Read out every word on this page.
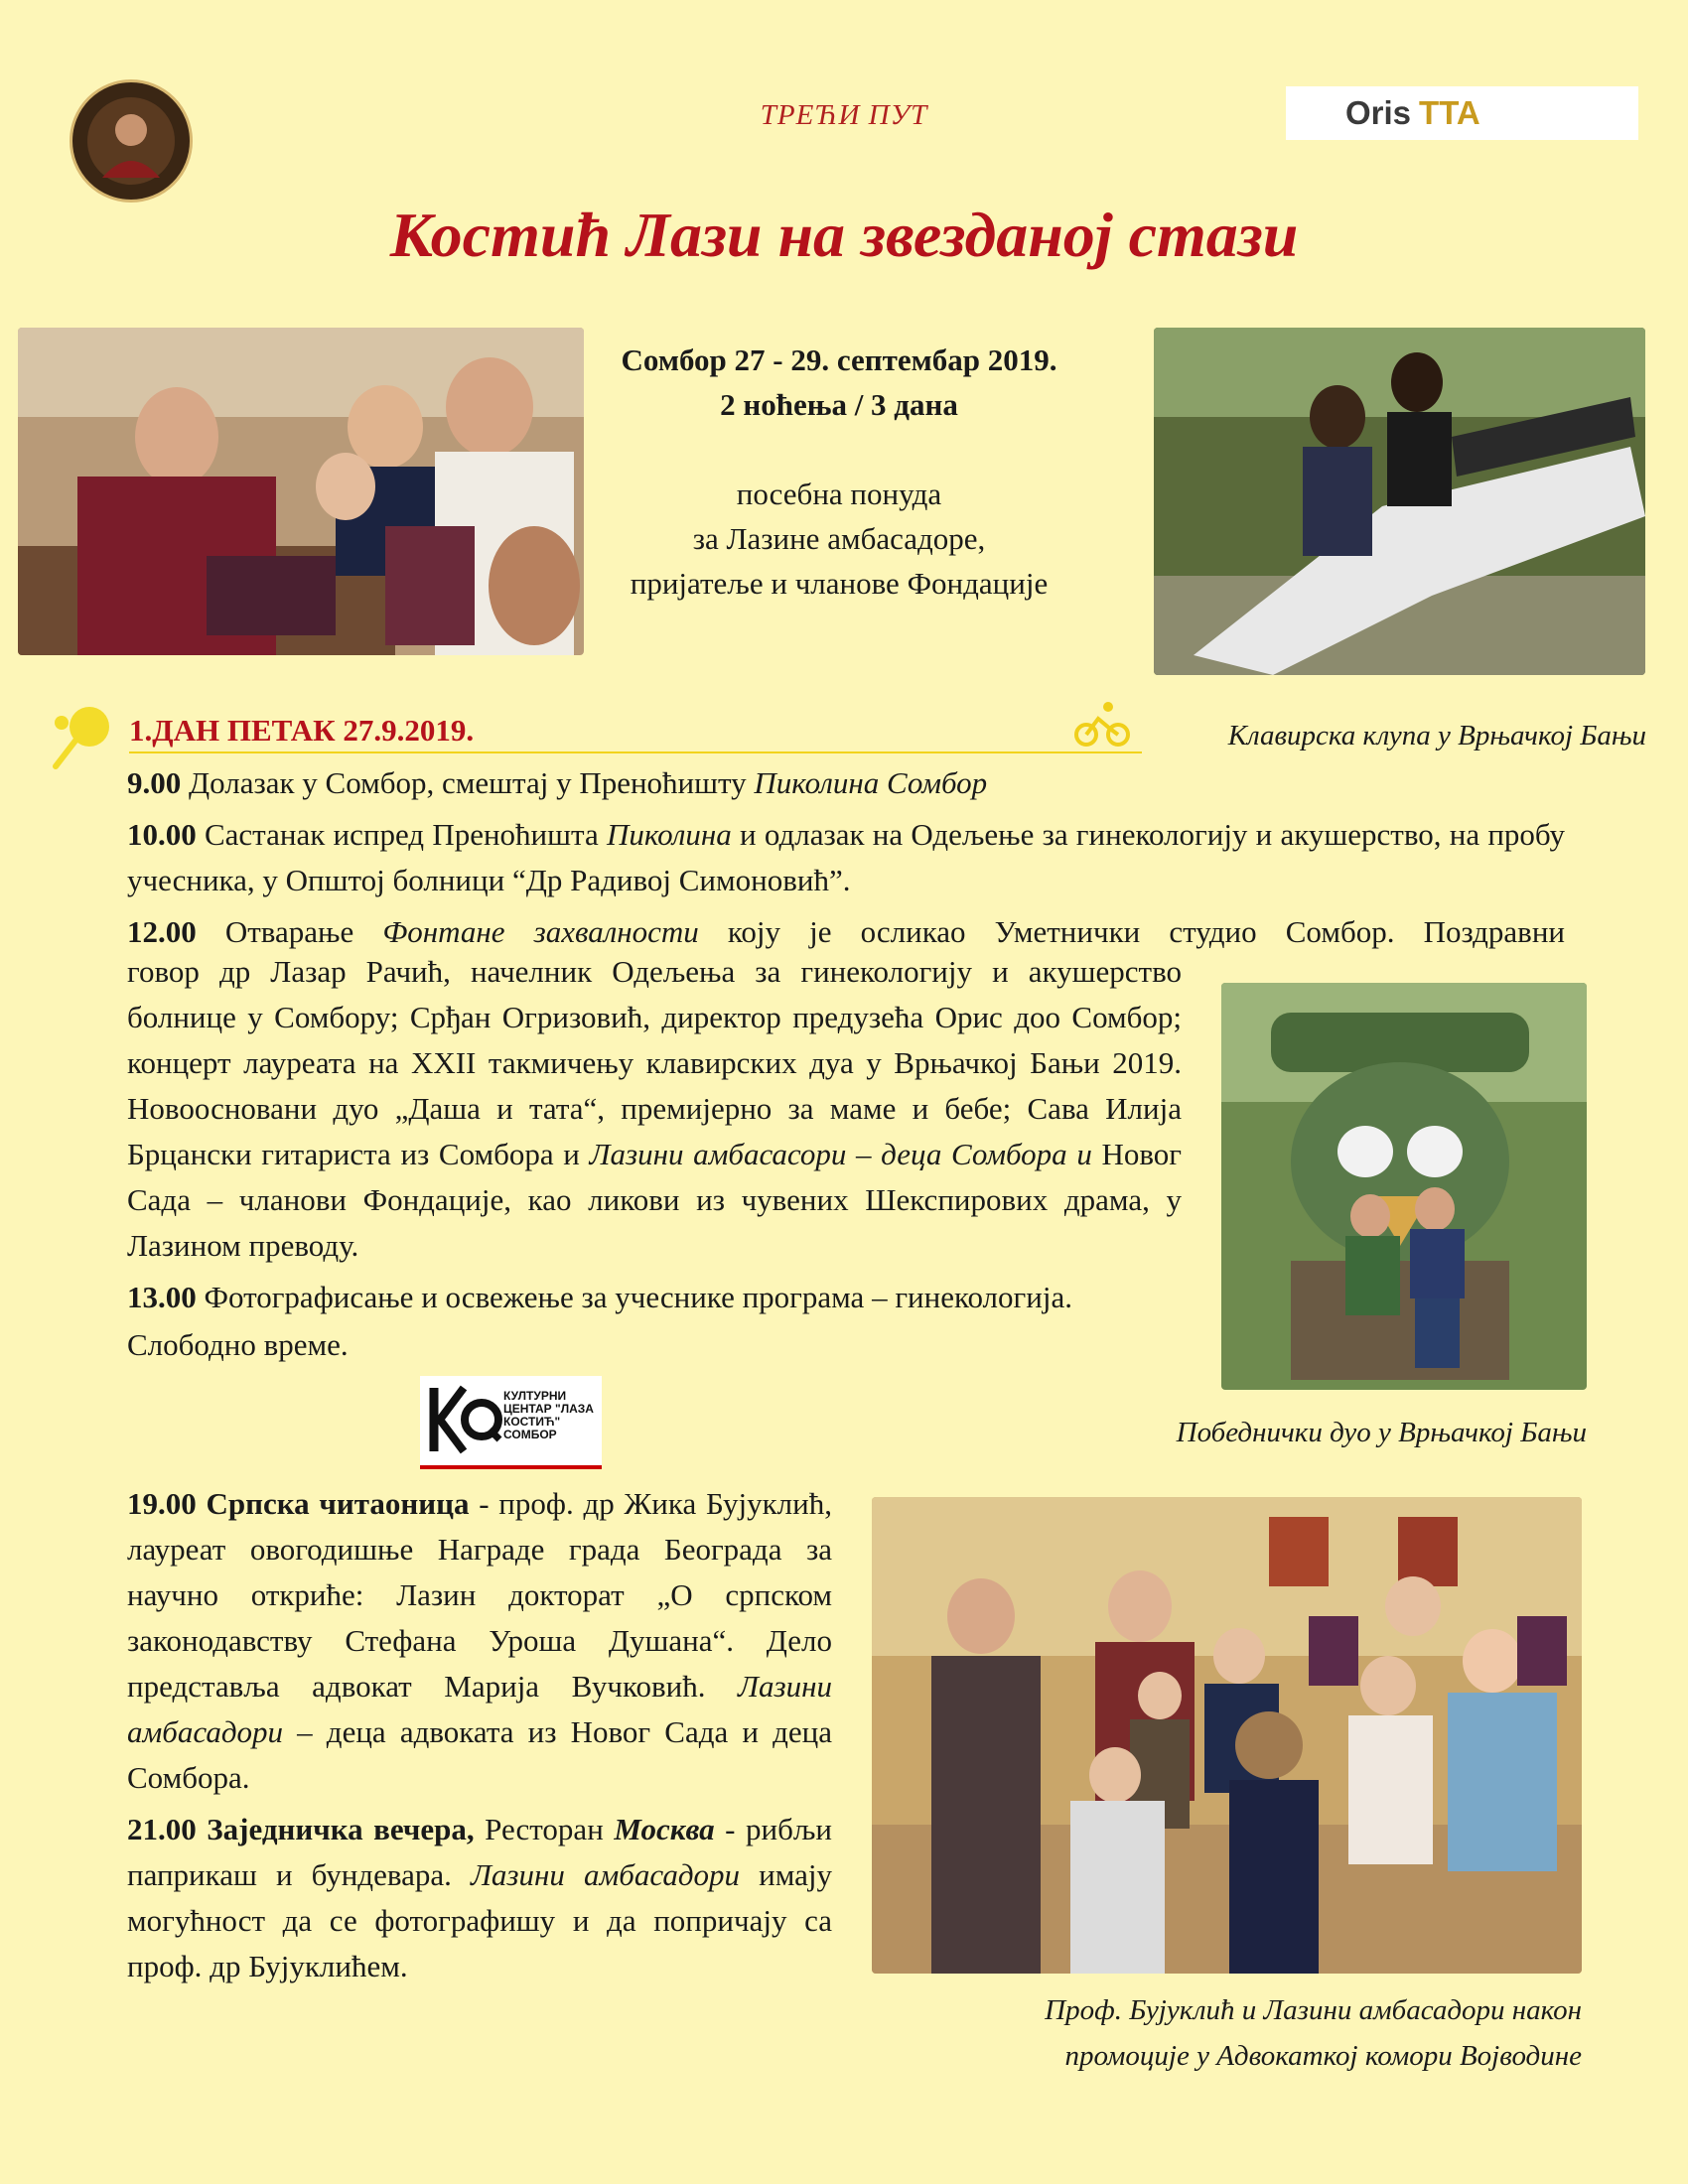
ТРЕЋИ ПУТ	Oris TTA
Костић Лази на звезданој стази
Сомбор 27 - 29. септембар 2019.
2 ноћења / 3 дана
посебна понуда
за Лазине амбасадоре,
пријатеље и чланове Фондације
Клавирска клупа у Врњачкој Бањи
1.ДАН ПЕТАК 27.9.2019.

9.00 Долазак у Сомбор, смештај у Преноћишту Пиколина Сомбор

10.00 Састанак испред Преноћишта Пиколина и одлазак на Одељење за гинекологију и акушерство, на пробу учесника, у Општој болници “Др Радивој Симоновић”.

12.00 Отварање Фонтане захвалности коју је осликао Уметнички студио Сомбор. Поздравни

говор др Лазар Рачић, начелник Одељења за гинекологију и акушерство болнице у Сомбору; Срђан Огризовић, директор предузећа Орис доо Сомбор; концерт лауреата на XXII такмичењу клавирских дуа у Врњачкој Бањи 2019. Новоосновани дуо „Даша и тата“, премијерно за маме и бебе; Сава Илија Брцански гитариста из Сомбора и Лазини амбасасори – деца Сомбора и Новог Сада – чланови Фондације, као ликови из чувених Шекспирових драма, у Лазином преводу.

13.00 Фотографисање и освежење за учеснике програма – гинекологија.

Слободно време.

КУЛТУРНИ ЦЕНТАР "ЛАЗА КОСТИЋ" СОМБОР	Победнички дуо у Врњачкој Бањи

19.00 Српска читаоница - проф. др Жика Бујуклић, лауреат овогодишње Награде града Београда за научно откриће: Лазин докторат „О српском законодавству Стефана Уроша Душана“. Дело представља адвокат Марија Вучковић. Лазини амбасадори – деца адвоката из Новог Сада и деца Сомбора.

21.00 Заједничка вечера, Ресторан Москва - рибљи паприкаш и бундевара. Лазини амбасадори имају могућност да се фотографишу и да попричају са проф. др Бујуклићем.

Проф. Бујуклић и Лазини амбасадори након
промоције у Адвокаткој комори Војводине
